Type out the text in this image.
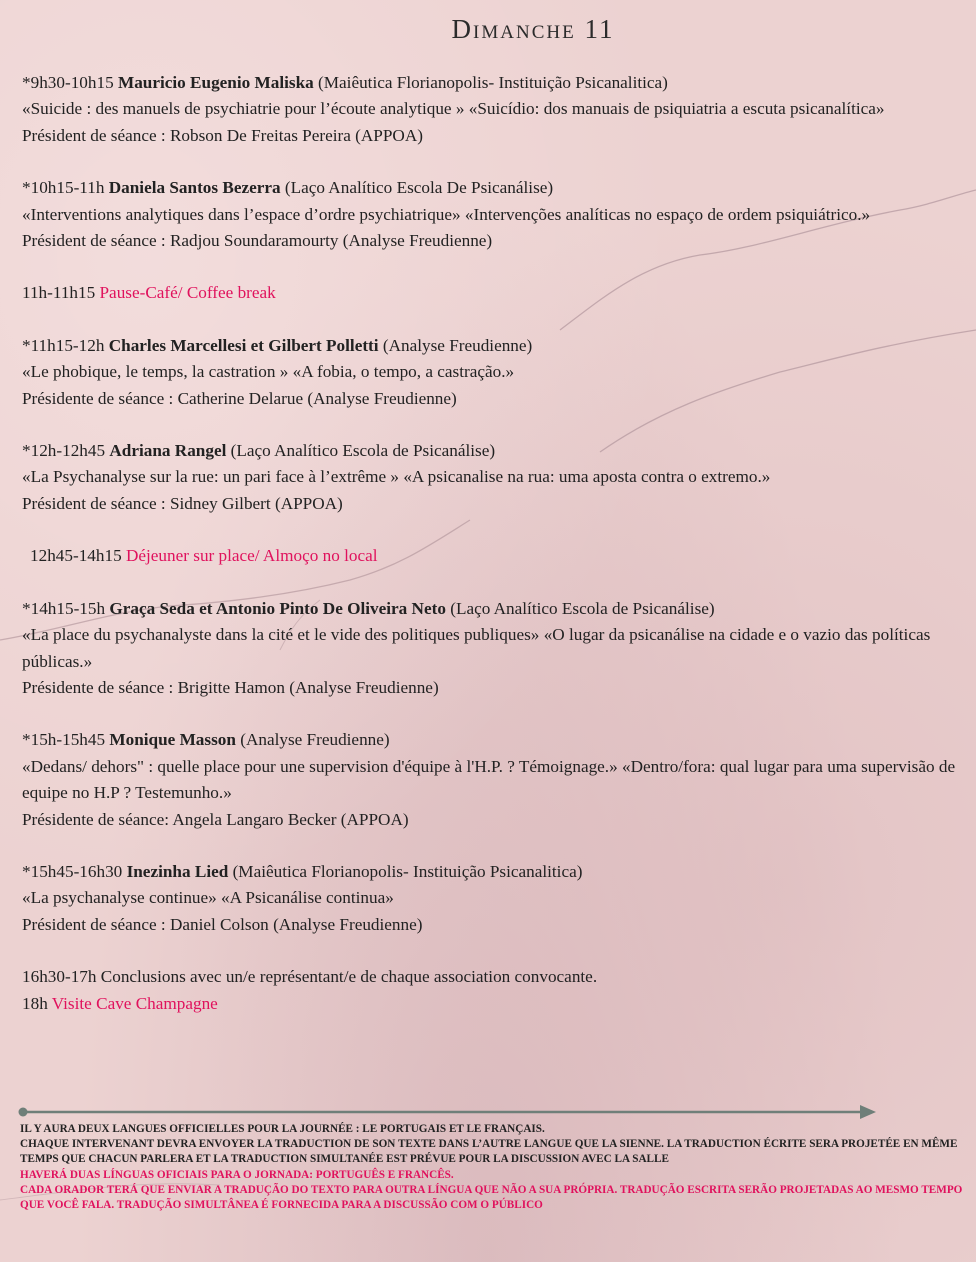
Dimanche 11

*9h30-10h15 Mauricio Eugenio Maliska (Maiêutica Florianopolis- Instituição Psicanalitica)

«Suicide : des manuels de psychiatrie pour l’écoute analytique » «Suicídio: dos manuais de psiquiatria a escuta psicanalítica»

Président de séance : Robson De Freitas Pereira (APPOA)

*10h15-11h Daniela Santos Bezerra (Laço Analítico Escola De Psicanálise)

«Interventions analytiques dans l’espace d’ordre psychiatrique» «Intervenções analíticas no espaço de ordem psiquiátrico.»

Président de séance : Radjou Soundaramourty (Analyse Freudienne)

11h-11h15 Pause-Café/ Coffee break

*11h15-12h Charles Marcellesi et Gilbert Polletti (Analyse Freudienne)

«Le phobique, le temps, la castration » «A fobia, o tempo, a castração.»

Présidente de séance : Catherine Delarue (Analyse Freudienne)

*12h-12h45 Adriana Rangel (Laço Analítico Escola de Psicanálise)

«La Psychanalyse sur la rue: un pari face à l’extrême » «A psicanalise na rua: uma aposta contra o extremo.»

Président de séance : Sidney Gilbert (APPOA)

12h45-14h15 Déjeuner sur place/ Almoço no local

*14h15-15h Graça Seda et Antonio Pinto De Oliveira Neto (Laço Analítico Escola de Psicanálise)

«La place du psychanalyste dans la cité et le vide des politiques publiques» «O lugar da psicanálise na cidade e o vazio das políticas públicas.»

Présidente de séance : Brigitte Hamon (Analyse Freudienne)

*15h-15h45 Monique Masson (Analyse Freudienne)

«Dedans/ dehors" : quelle place pour une supervision d'équipe à l'H.P. ? Témoignage.» «Dentro/fora: qual lugar para uma supervisão de equipe no H.P ? Testemunho.»

Présidente de séance: Angela Langaro Becker (APPOA)

*15h45-16h30 Inezinha Lied (Maiêutica Florianopolis- Instituição Psicanalitica)

«La psychanalyse continue» «A Psicanálise continua»

Président de séance : Daniel Colson (Analyse Freudienne)

16h30-17h Conclusions avec un/e représentant/e de chaque association convocante.

18h Visite Cave Champagne

IL Y AURA DEUX LANGUES OFFICIELLES POUR LA JOURNÉE : LE PORTUGAIS ET LE FRANÇAIS.

CHAQUE INTERVENANT DEVRA ENVOYER LA TRADUCTION DE SON TEXTE DANS L’AUTRE LANGUE QUE LA SIENNE. LA TRADUCTION ÉCRITE SERA PROJETÉE EN MÊME TEMPS QUE CHACUN PARLERA ET LA TRADUCTION SIMULTANÉE EST PRÉVUE POUR LA DISCUSSION AVEC LA SALLE

HAVERÁ DUAS LÍNGUAS OFICIAIS PARA O JORNADA: PORTUGUÊS E FRANCÊS.

CADA ORADOR TERÁ QUE ENVIAR A TRADUÇÃO DO TEXTO PARA OUTRA LÍNGUA QUE NÃO A SUA PRÓPRIA. TRADUÇÃO ESCRITA SERÃO PROJETADAS AO MESMO TEMPO QUE VOCÊ FALA. TRADUÇÃO SIMULTÂNEA É FORNECIDA PARA A DISCUSSÃO COM O PÚBLICO
